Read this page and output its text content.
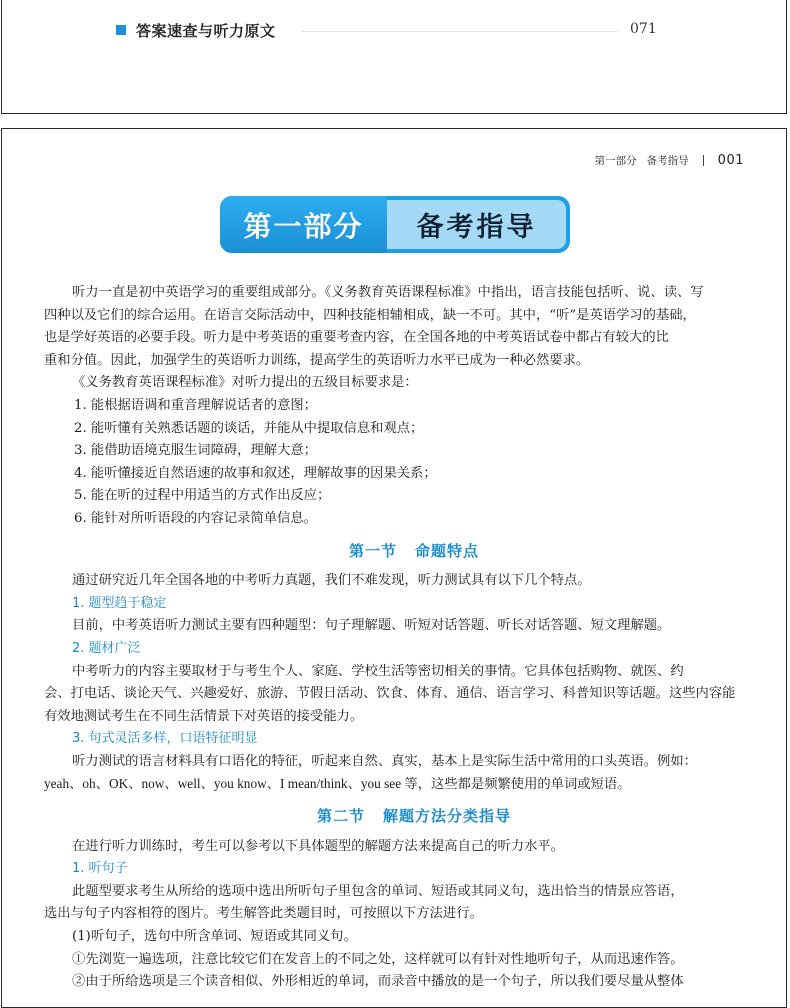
答案速查与听力原文	071
第一部分 备考指导 001
第一部分	备考指导

听力一直是初中英语学习的重要组成部分。《义务教育英语课程标准》中指出，语言技能包括听、说、读、写

四种以及它们的综合运用。在语言交际活动中，四种技能相辅相成，缺一不可。其中，“听”是英语学习的基础，

也是学好英语的必要手段。听力是中考英语的重要考查内容，在全国各地的中考英语试卷中都占有较大的比

重和分值。因此，加强学生的英语听力训练，提高学生的英语听力水平已成为一种必然要求。

《义务教育英语课程标准》对听力提出的五级目标要求是：

1. 能根据语调和重音理解说话者的意图；

2. 能听懂有关熟悉话题的谈话，并能从中提取信息和观点；

3. 能借助语境克服生词障碍，理解大意；

4. 能听懂接近自然语速的故事和叙述，理解故事的因果关系；

5. 能在听的过程中用适当的方式作出反应；

6. 能针对所听语段的内容记录简单信息。

第一节 命题特点

通过研究近几年全国各地的中考听力真题，我们不难发现，听力测试具有以下几个特点。

1. 题型趋于稳定

目前，中考英语听力测试主要有四种题型：句子理解题、听短对话答题、听长对话答题、短文理解题。

2. 题材广泛

中考听力的内容主要取材于与考生个人、家庭、学校生活等密切相关的事情。它具体包括购物、就医、约

会、打电话、谈论天气、兴趣爱好、旅游、节假日活动、饮食、体育、通信、语言学习、科普知识等话题。这些内容能

有效地测试考生在不同生活情景下对英语的接受能力。

3. 句式灵活多样，口语特征明显

听力测试的语言材料具有口语化的特征，听起来自然、真实，基本上是实际生活中常用的口头英语。例如：

yeah、oh、OK、now、well、you know、I mean/think、you see 等，这些都是频繁使用的单词或短语。

第二节 解题方法分类指导

在进行听力训练时，考生可以参考以下具体题型的解题方法来提高自己的听力水平。

1. 听句子

此题型要求考生从所给的选项中选出所听句子里包含的单词、短语或其同义句，选出恰当的情景应答语，

选出与句子内容相符的图片。考生解答此类题目时，可按照以下方法进行。

(1)听句子，选句中所含单词、短语或其同义句。

①先浏览一遍选项，注意比较它们在发音上的不同之处，这样就可以有针对性地听句子，从而迅速作答。

②由于所给选项是三个读音相似、外形相近的单词，而录音中播放的是一个句子，所以我们要尽量从整体
